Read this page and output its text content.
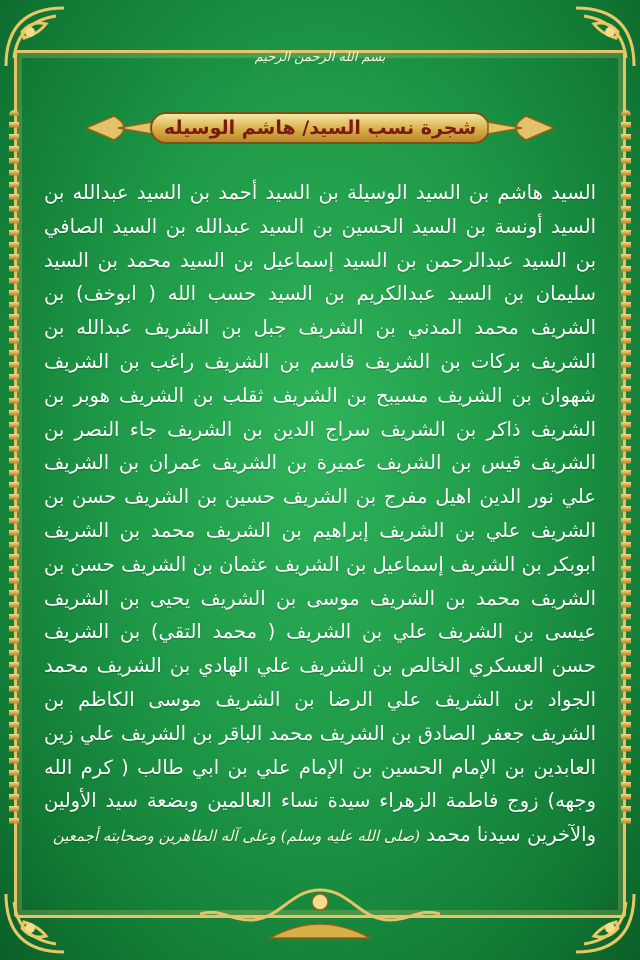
بسم الله الرحمن الرحيم
شجرة نسب السيد/ هاشم الوسيله
السيد هاشم بن السيد الوسيلة بن السيد أحمد بن السيد عبدالله بن السيد أونسة بن السيد الحسين بن السيد عبدالله بن السيد الصافي بن السيد عبدالرحمن بن السيد إسماعيل بن السيد محمد بن السيد سليمان بن السيد عبدالكريم بن السيد حسب الله ( ابوخف) بن الشريف محمد المدني بن الشريف جبل بن الشريف عبدالله بن الشريف بركات بن الشريف قاسم بن الشريف راغب بن الشريف شهوان بن الشريف مسيبح بن الشريف ثقلب بن الشريف هوبر بن الشريف ذاكر بن الشريف سراج الدين بن الشريف جاء النصر بن الشريف قيس بن الشريف عميرة بن الشريف عمران بن الشريف علي نور الدين اهيل مفرج بن الشريف حسين بن الشريف حسن بن الشريف علي بن الشريف إبراهيم بن الشريف محمد بن الشريف ابوبكر بن الشريف إسماعيل بن الشريف عثمان بن الشريف حسن بن الشريف محمد بن الشريف موسى بن الشريف يحيى بن الشريف عيسى بن الشريف علي بن الشريف ( محمد التقي) بن الشريف حسن العسكري الخالص بن الشريف علي الهادي بن الشريف محمد الجواد بن الشريف علي الرضا بن الشريف موسى الكاظم بن الشريف جعفر الصادق بن الشريف محمد الباقر بن الشريف علي زين العابدين بن الإمام الحسين بن الإمام علي بن ابي طالب ( كرم الله وجهه) زوج فاطمة الزهراء سيدة نساء العالمين وبضعة سيد الأولين والآخرين سيدنا محمد (صلى الله عليه وسلم) وعلى آله الطاهرين وصحابته أجمعين
